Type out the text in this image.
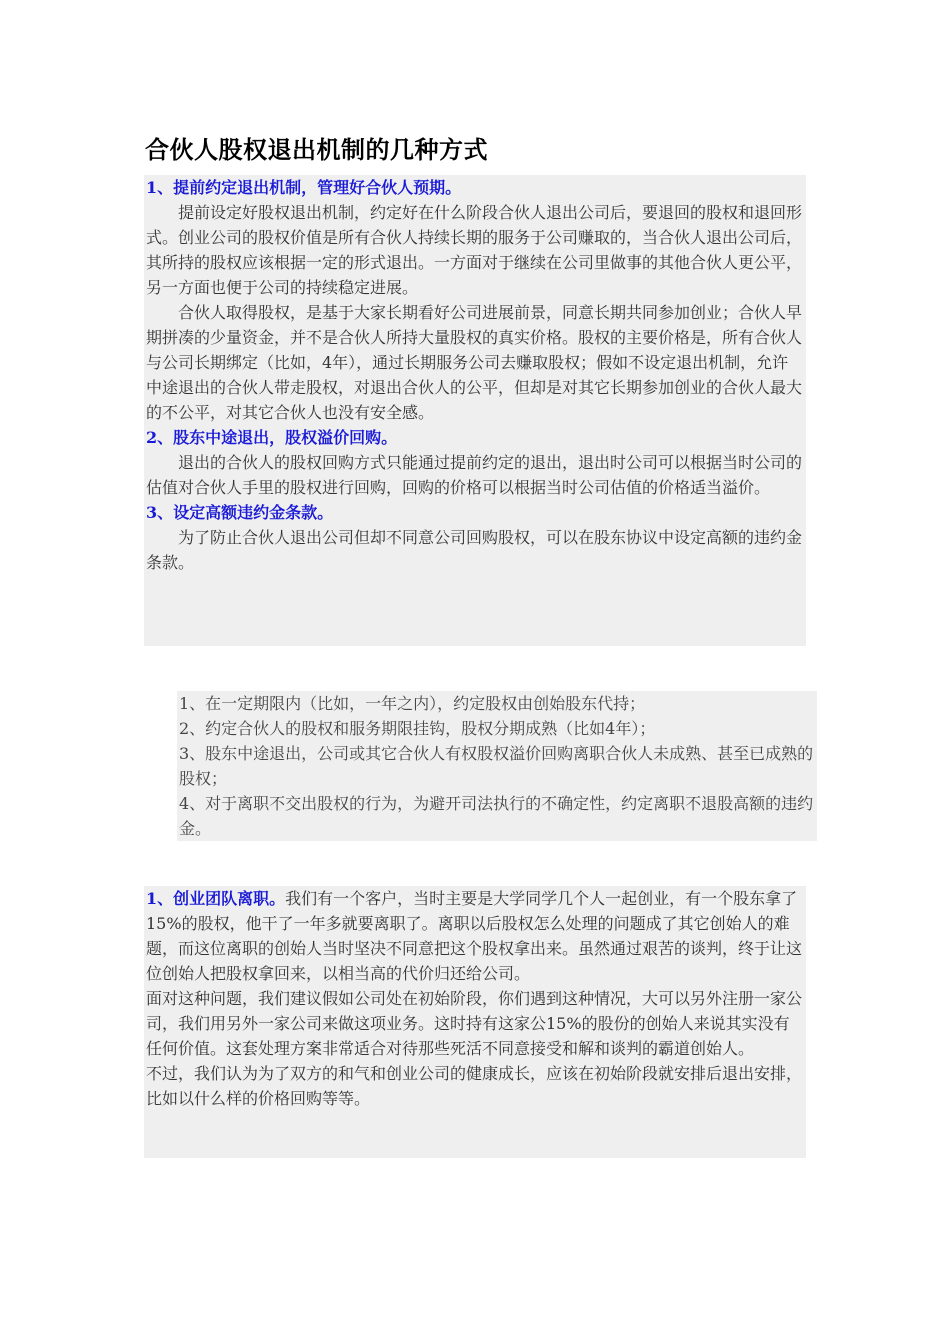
合伙人股权退出机制的几种方式

1、提前约定退出机制，管理好合伙人预期。

提前设定好股权退出机制，约定好在什么阶段合伙人退出公司后，要退回的股权和退回形式。创业公司的股权价值是所有合伙人持续长期的服务于公司赚取的，当合伙人退出公司后，其所持的股权应该根据一定的形式退出。一方面对于继续在公司里做事的其他合伙人更公平，另一方面也便于公司的持续稳定进展。

合伙人取得股权，是基于大家长期看好公司进展前景，同意长期共同参加创业；合伙人早期拼凑的少量资金，并不是合伙人所持大量股权的真实价格。股权的主要价格是，所有合伙人与公司长期绑定（比如，4年），通过长期服务公司去赚取股权；假如不设定退出机制，允许中途退出的合伙人带走股权，对退出合伙人的公平，但却是对其它长期参加创业的合伙人最大的不公平，对其它合伙人也没有安全感。

2、股东中途退出，股权溢价回购。

退出的合伙人的股权回购方式只能通过提前约定的退出，退出时公司可以根据当时公司的估值对合伙人手里的股权进行回购，回购的价格可以根据当时公司估值的价格适当溢价。

3、设定高额违约金条款。

为了防止合伙人退出公司但却不同意公司回购股权，可以在股东协议中设定高额的违约金条款。

1、在一定期限内（比如，一年之内），约定股权由创始股东代持；

2、约定合伙人的股权和服务期限挂钩，股权分期成熟（比如4年）；

3、股东中途退出，公司或其它合伙人有权股权溢价回购离职合伙人未成熟、甚至已成熟的股权；

4、对于离职不交出股权的行为，为避开司法执行的不确定性，约定离职不退股高额的违约金。

1、创业团队离职。我们有一个客户，当时主要是大学同学几个人一起创业，有一个股东拿了15%的股权，他干了一年多就要离职了。离职以后股权怎么处理的问题成了其它创始人的难题，而这位离职的创始人当时坚决不同意把这个股权拿出来。虽然通过艰苦的谈判，终于让这位创始人把股权拿回来，以相当高的代价归还给公司。

面对这种问题，我们建议假如公司处在初始阶段，你们遇到这种情况，大可以另外注册一家公司，我们用另外一家公司来做这项业务。这时持有这家公15%的股份的创始人来说其实没有任何价值。这套处理方案非常适合对待那些死活不同意接受和解和谈判的霸道创始人。

不过，我们认为为了双方的和气和创业公司的健康成长，应该在初始阶段就安排后退出安排，比如以什么样的价格回购等等。
